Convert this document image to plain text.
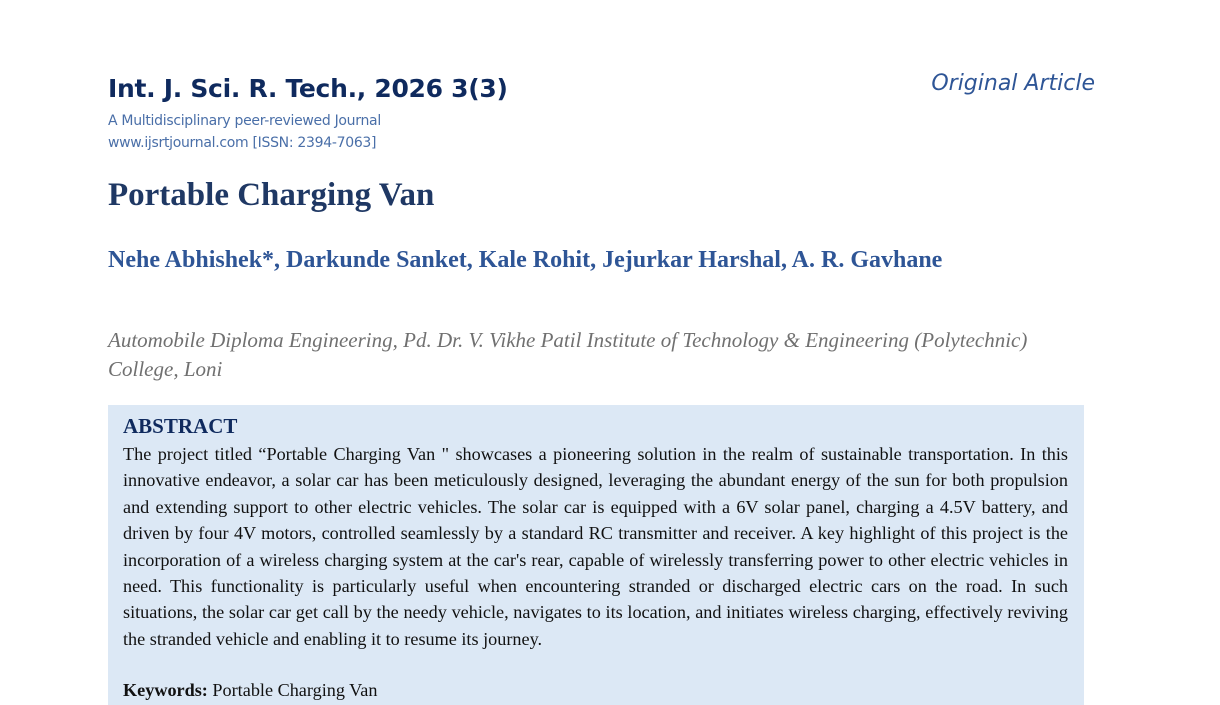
Int. J. Sci. R. Tech., 2026 3(3)
A Multidisciplinary peer-reviewed Journal
www.ijsrtjournal.com [ISSN: 2394-7063]
Original Article
Portable Charging Van
Nehe Abhishek*, Darkunde Sanket, Kale Rohit, Jejurkar Harshal, A. R. Gavhane
Automobile Diploma Engineering, Pd. Dr. V. Vikhe Patil Institute of Technology & Engineering (Polytechnic) College, Loni
ABSTRACT
The project titled “Portable Charging Van " showcases a pioneering solution in the realm of sustainable transportation. In this innovative endeavor, a solar car has been meticulously designed, leveraging the abundant energy of the sun for both propulsion and extending support to other electric vehicles. The solar car is equipped with a 6V solar panel, charging a 4.5V battery, and driven by four 4V motors, controlled seamlessly by a standard RC transmitter and receiver. A key highlight of this project is the incorporation of a wireless charging system at the car's rear, capable of wirelessly transferring power to other electric vehicles in need. This functionality is particularly useful when encountering stranded or discharged electric cars on the road. In such situations, the solar car get call by the needy vehicle, navigates to its location, and initiates wireless charging, effectively reviving the stranded vehicle and enabling it to resume its journey.
Keywords: Portable Charging Van
